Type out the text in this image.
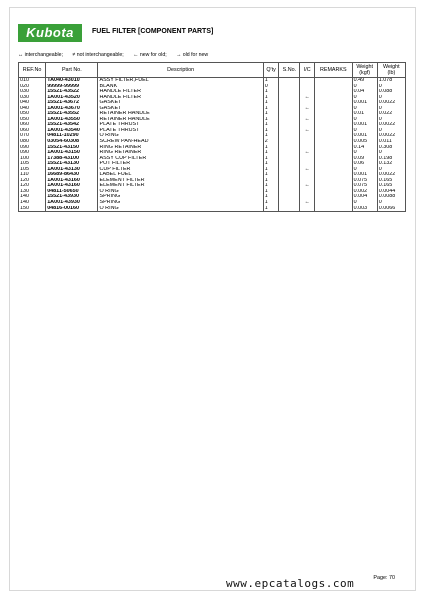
Kubota	FUEL FILTER [COMPONENT PARTS]
↔ interchangeable; ≠ not interchangeable; ← new for old; → old for new
REF.No	Part No.	Description	Q'ty	S.No.	I/C	REMARKS	Weight (kgf)	Weight (lb)
010	TA040-43010	ASSY FILTER,FUEL	1				0.49	1.078
020	99999-99999	BLANK	0				0	0
030	15521-43522	HANDLE FILTER	1				0.04	0.088
030	1A001-43520	HANDLE FILTER	1		←		0	0
040	15521-43672	GASKET	1				0.001	0.0022
040	1A001-43670	GASKET	1		←		0	0
050	15521-43552	RETAINER HANDLE	1				0.01	0.022
050	1A001-43550	RETAINER HANDLE	1		←		0	0
060	15521-43542	PLATE THRUST	1				0.001	0.0022
060	1A001-43540	PLATE THRUST	1		←		0	0
070	04811-10290	O RING	1				0.001	0.0022
080	03054-60308	SCREW PAN-HEAD	2				0.005	0.011
090	15521-43150	RING RETAINER	1				0.14	0.308
090	1A001-43150	RING RETAINER	1		←		0	0
100	17388-43100	ASSY CUP FILTER	1				0.09	0.198
105	15521-43130	POT FILTER	1				0.06	0.132
105	1A001-43130	CUP FILTER	1		←		0	0
110	16689-86430	LABEL FUEL	1				0.001	0.0022
120	1A001-43160	ELEMENT FILTER	1				0.075	0.165
120	1A001-43160	ELEMENT FILTER	1		←		0.075	0.165
130	04811-50650	O RING	1				0.002	0.0044
140	15521-43930	SPRING	1				0.004	0.0088
140	1A001-43930	SPRING	1		←		0	0
150	04816-00160	O RING	1				0.003	0.0066
Page: 70
www.epcatalogs.com
